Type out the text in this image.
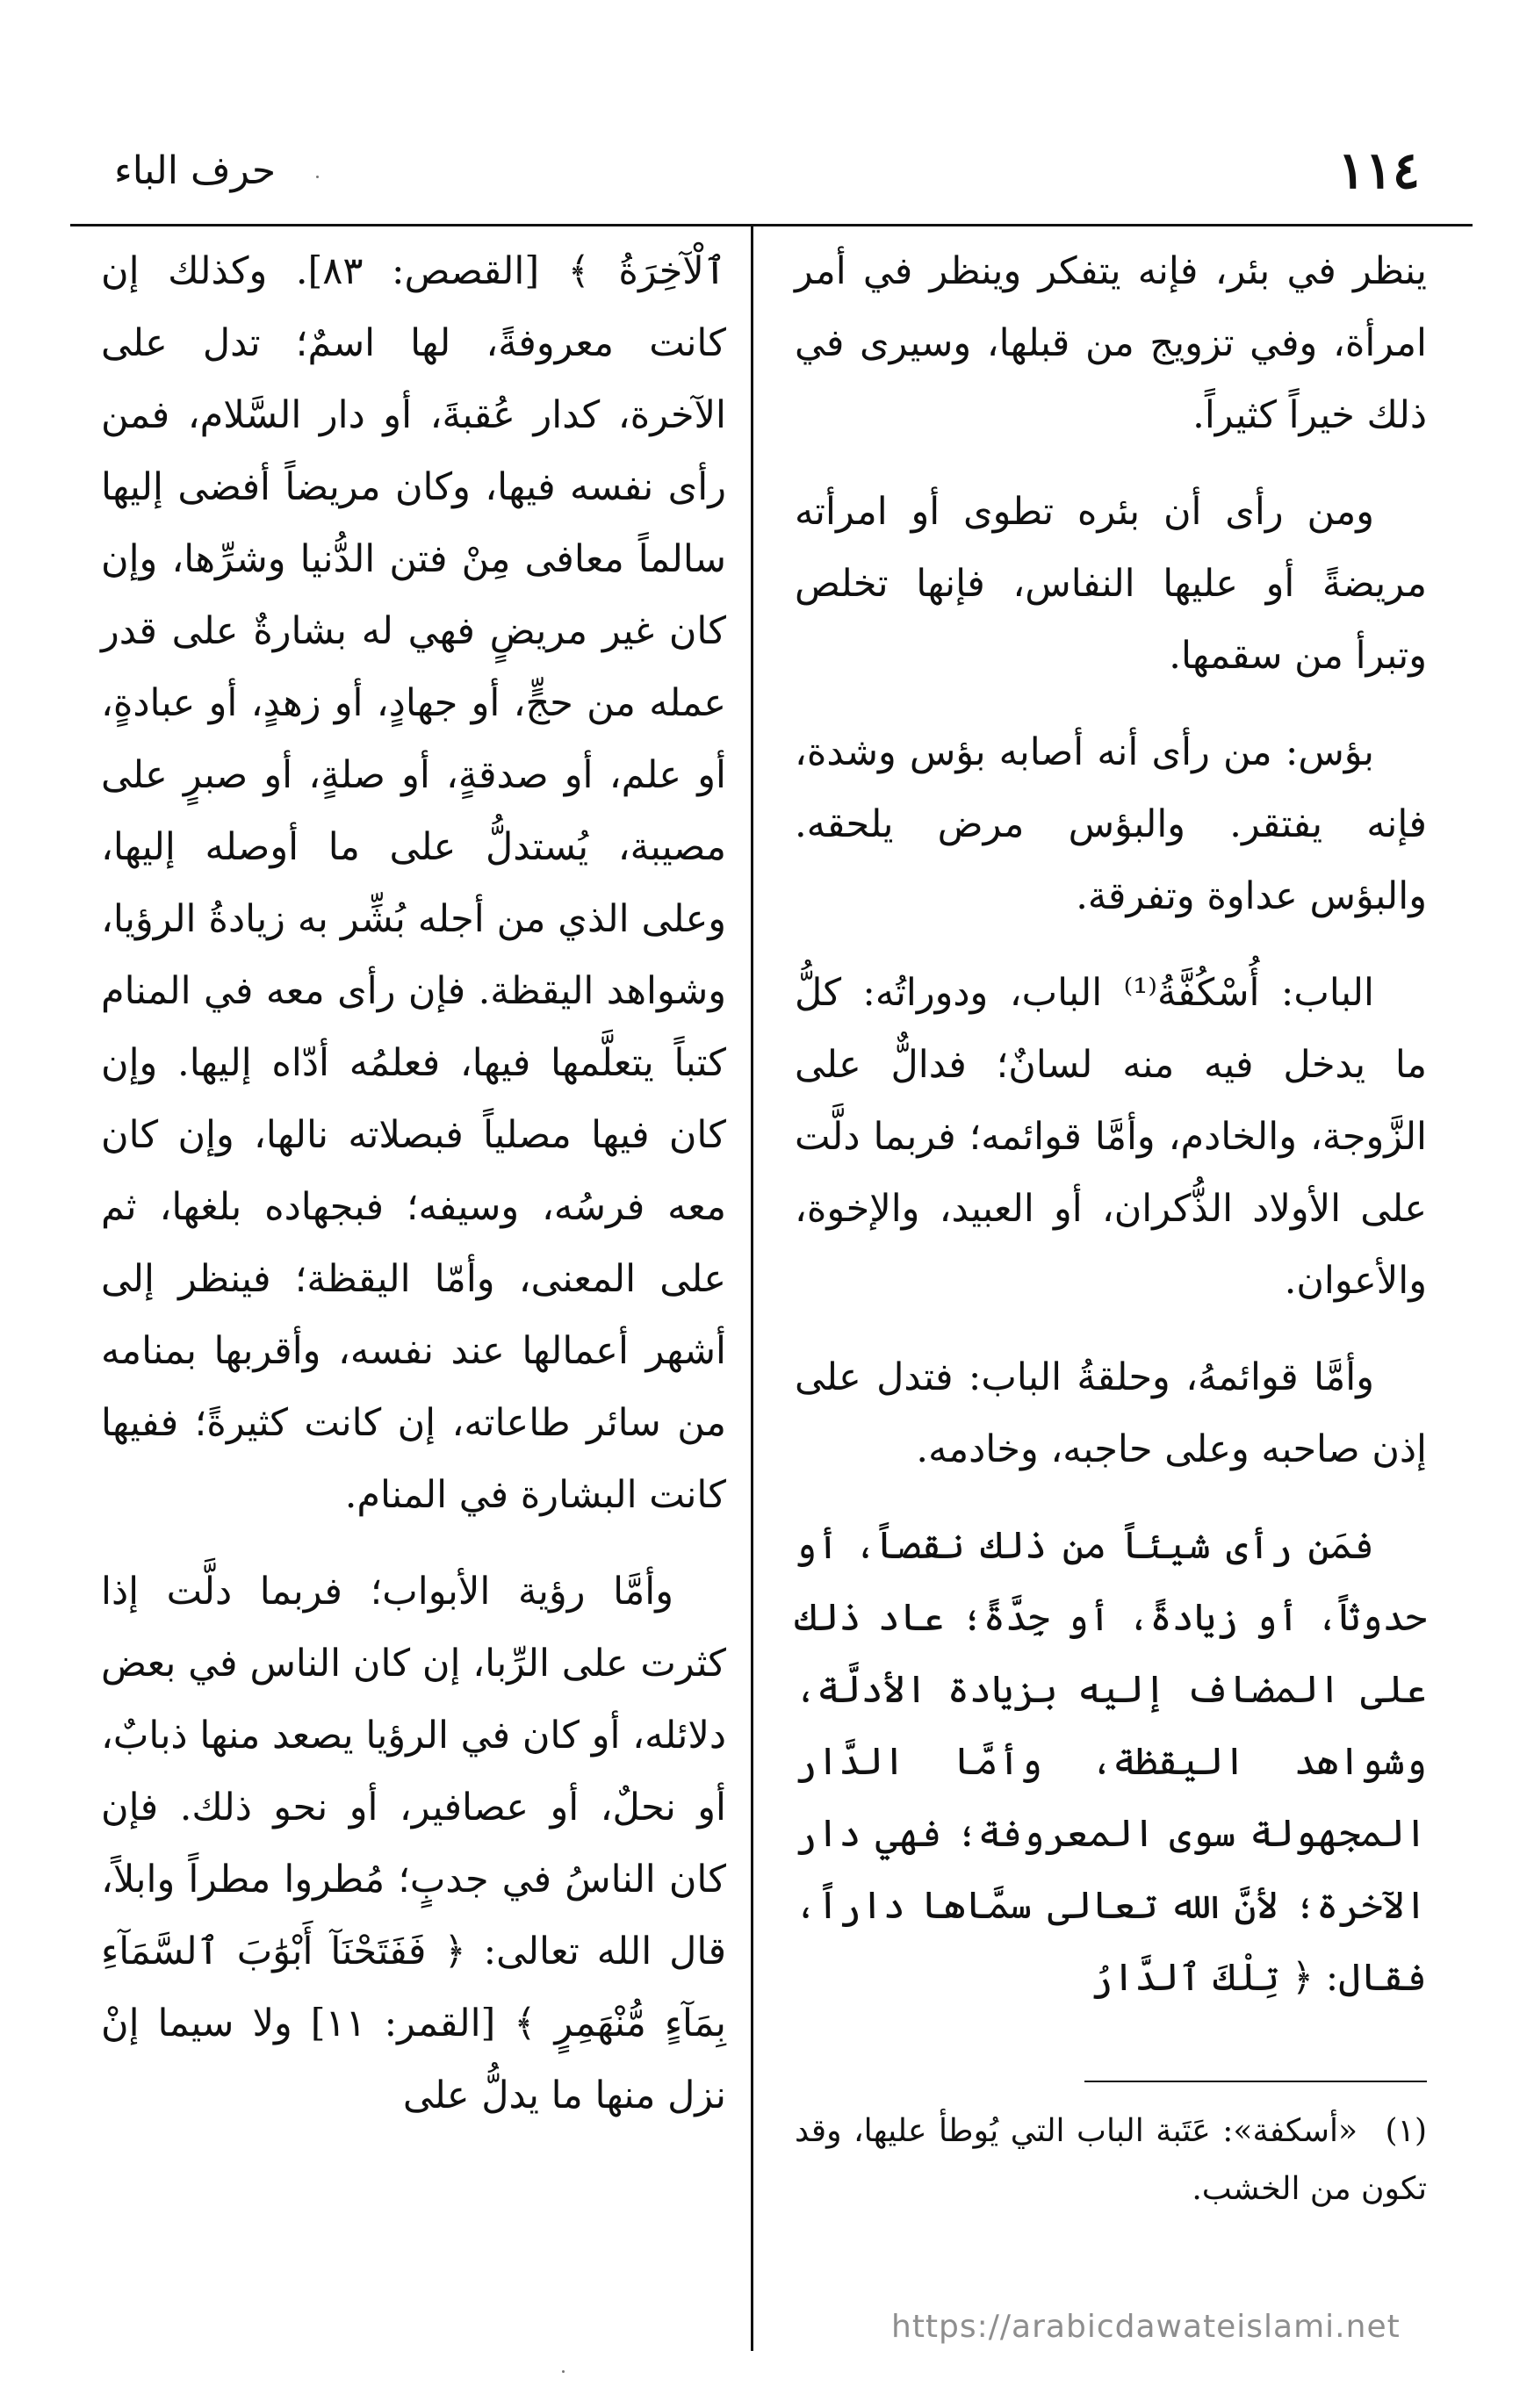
١١٤
حرف الباء

ينظر في بئر، فإنه يتفكر وينظر في أمر امرأة، وفي تزويج من قبلها، وسيرى في ذلك خيراً كثيراً.

ومن رأى أن بئره تطوى أو امرأته مريضةً أو عليها النفاس، فإنها تخلص وتبرأ من سقمها.

بؤس: من رأى أنه أصابه بؤس وشدة، فإنه يفتقر. والبؤس مرض يلحقه. والبؤس عداوة وتفرقة.

الباب: أُسْكُفَّةُ⁽¹⁾ الباب، ودوراتُه: كلُّ ما يدخل فيه منه لسانٌ؛ فدالٌّ على الزَّوجة، والخادم، وأمَّا قوائمه؛ فربما دلَّت على الأولاد الذُّكران، أو العبيد، والإخوة، والأعوان.

وأمَّا قوائمهُ، وحلقةُ الباب: فتدل على إذن صاحبه وعلى حاجبه، وخادمه.

فمَن رأى شيئاً من ذلك نقصاً، أو حدوثاً، أو زيادةً، أو جِدَّةً؛ عاد ذلك على المضاف إليه بزيادة الأدلَّة، وشواهد اليقظة، وأمَّا الدَّار المجهولة سوى المعروفة؛ فهي دار الآخرة؛ لأنَّ الله تعالى سمَّاها داراً، فقال: ﴿ تِلْكَ ٱلدَّارُ

ٱلْآخِرَةُ ﴾ [القصص: ٨٣]. وكذلك إن كانت معروفةً، لها اسمٌ؛ تدل على الآخرة، كدار عُقبةَ، أو دار السَّلام، فمن رأى نفسه فيها، وكان مريضاً أفضى إليها سالماً معافى مِنْ فتن الدُّنيا وشرِّها، وإن كان غير مريضٍ فهي له بشارةٌ على قدر عمله من حجٍّ، أو جهادٍ، أو زهدٍ، أو عبادةٍ، أو علم، أو صدقةٍ، أو صلةٍ، أو صبرٍ على مصيبة، يُستدلُّ على ما أوصله إليها، وعلى الذي من أجله بُشِّر به زيادةُ الرؤيا، وشواهد اليقظة. فإن رأى معه في المنام كتباً يتعلَّمها فيها، فعلمُه أدّاه إليها. وإن كان فيها مصلياً فبصلاته نالها، وإن كان معه فرسُه، وسيفه؛ فبجهاده بلغها، ثم على المعنى، وأمّا اليقظة؛ فينظر إلى أشهر أعمالها عند نفسه، وأقربها بمنامه من سائر طاعاته، إن كانت كثيرةً؛ ففيها كانت البشارة في المنام.

وأمَّا رؤية الأبواب؛ فربما دلَّت إذا كثرت على الرِّبا، إن كان الناس في بعض دلائله، أو كان في الرؤيا يصعد منها ذبابٌ، أو نحلٌ، أو عصافير، أو نحو ذلك. فإن كان الناسُ في جدبٍ؛ مُطروا مطراً وابلاً، قال الله تعالى: ﴿ فَفَتَحْنَآ أَبْوَٰبَ ٱلسَّمَآءِ بِمَآءٍ مُّنْهَمِرٍ ﴾ [القمر: ١١] ولا سيما إنْ نزل منها ما يدلُّ على

(١) «أسكفة»: عَتَبة الباب التي يُوطأ عليها، وقد تكون من الخشب.
https://arabicdawateislami.net
